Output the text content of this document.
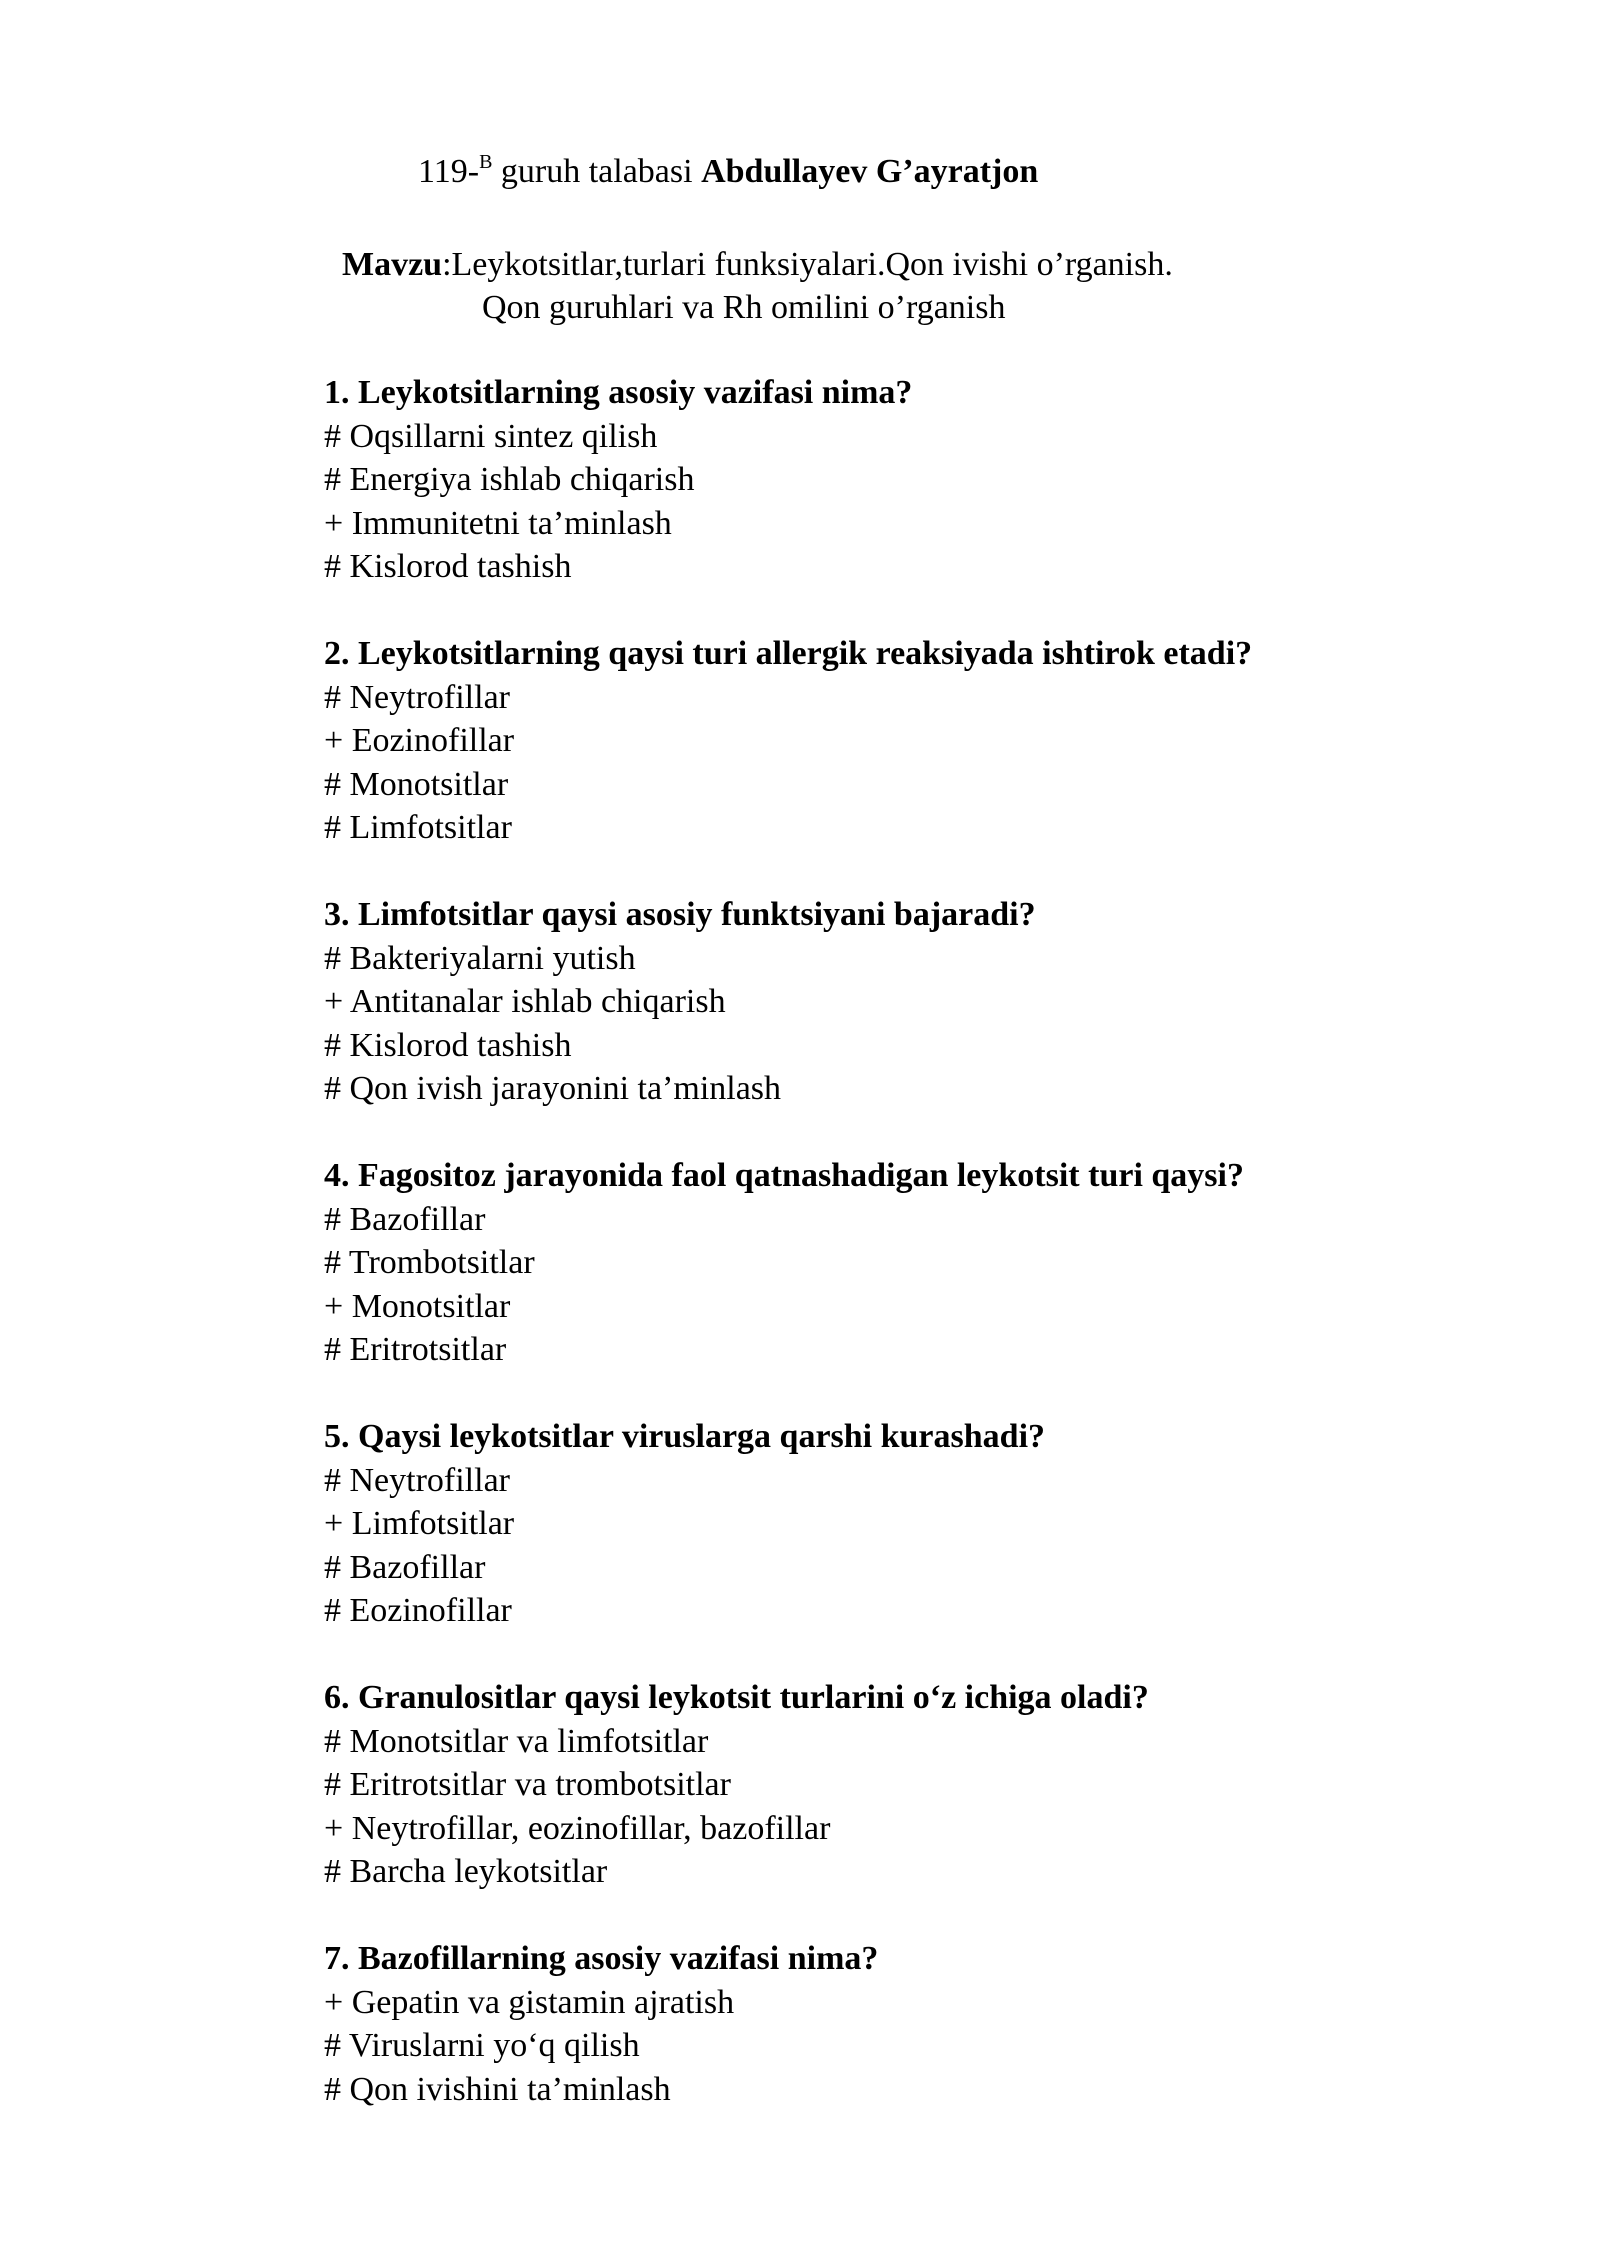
119-$^B$ guruh talabasi Abdullayev G’ayratjon
Mavzu:Leykotsitlar,turlari funksiyalari.Qon ivishi o’rganish.
Qon guruhlari va Rh omilini o’rganish
1. Leykotsitlarning asosiy vazifasi nima?
# Oqsillarni sintez qilish
# Energiya ishlab chiqarish
+ Immunitetni ta’minlash
# Kislorod tashish
2. Leykotsitlarning qaysi turi allergik reaksiyada ishtirok etadi?
# Neytrofillar
+ Eozinofillar
# Monotsitlar
# Limfotsitlar
3. Limfotsitlar qaysi asosiy funktsiyani bajaradi?
# Bakteriyalarni yutish
+ Antitanalar ishlab chiqarish
# Kislorod tashish
# Qon ivish jarayonini ta’minlash
4. Fagositoz jarayonida faol qatnashadigan leykotsit turi qaysi?
# Bazofillar
# Trombotsitlar
+ Monotsitlar
# Eritrotsitlar
5. Qaysi leykotsitlar viruslarga qarshi kurashadi?
# Neytrofillar
+ Limfotsitlar
# Bazofillar
# Eozinofillar
6. Granulositlar qaysi leykotsit turlarini o‘z ichiga oladi?
# Monotsitlar va limfotsitlar
# Eritrotsitlar va trombotsitlar
+ Neytrofillar, eozinofillar, bazofillar
# Barcha leykotsitlar
7. Bazofillarning asosiy vazifasi nima?
+ Gepatin va gistamin ajratish
# Viruslarni yo‘q qilish
# Qon ivishini ta’minlash
